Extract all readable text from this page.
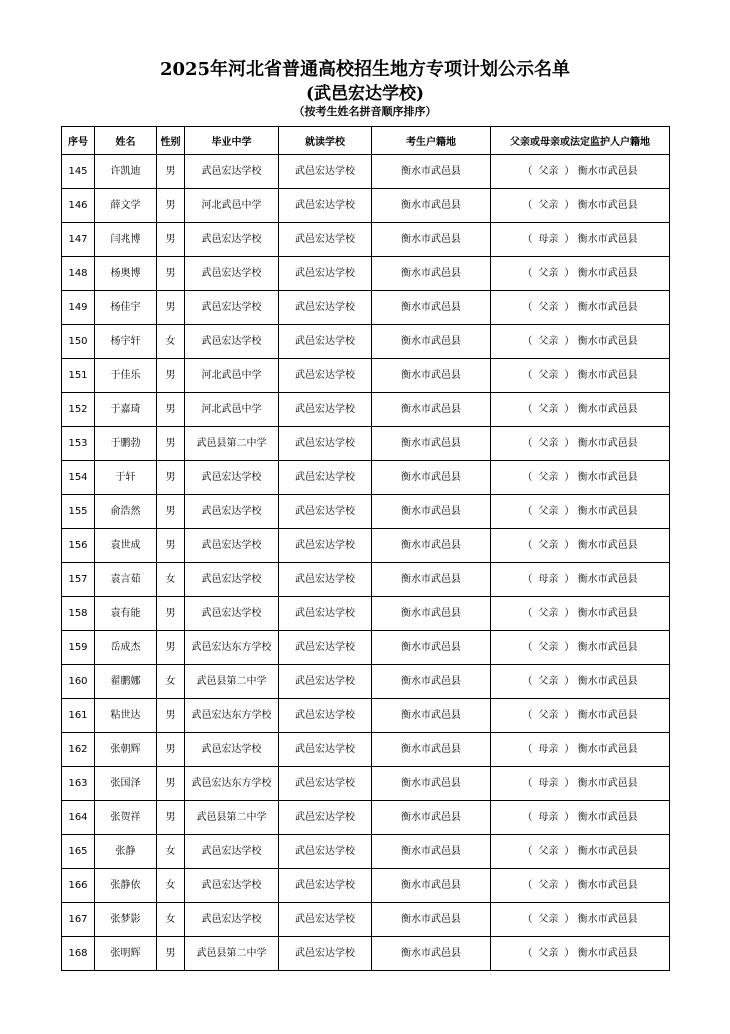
2025年河北省普通高校招生地方专项计划公示名单
(武邑宏达学校)
（按考生姓名拼音顺序排序）
序号	姓名	性别	毕业中学	就读学校	考生户籍地	父亲或母亲或法定监护人户籍地
145	许凯迪	男	武邑宏达学校	武邑宏达学校	衡水市武邑县	（ 父亲 ） 衡水市武邑县
146	薛文学	男	河北武邑中学	武邑宏达学校	衡水市武邑县	（ 父亲 ） 衡水市武邑县
147	闫兆博	男	武邑宏达学校	武邑宏达学校	衡水市武邑县	（ 母亲 ） 衡水市武邑县
148	杨奥博	男	武邑宏达学校	武邑宏达学校	衡水市武邑县	（ 父亲 ） 衡水市武邑县
149	杨佳宇	男	武邑宏达学校	武邑宏达学校	衡水市武邑县	（ 父亲 ） 衡水市武邑县
150	杨宇轩	女	武邑宏达学校	武邑宏达学校	衡水市武邑县	（ 父亲 ） 衡水市武邑县
151	于佳乐	男	河北武邑中学	武邑宏达学校	衡水市武邑县	（ 父亲 ） 衡水市武邑县
152	于嘉琦	男	河北武邑中学	武邑宏达学校	衡水市武邑县	（ 父亲 ） 衡水市武邑县
153	于鹏勃	男	武邑县第二中学	武邑宏达学校	衡水市武邑县	（ 父亲 ） 衡水市武邑县
154	于轩	男	武邑宏达学校	武邑宏达学校	衡水市武邑县	（ 父亲 ） 衡水市武邑县
155	俞浩然	男	武邑宏达学校	武邑宏达学校	衡水市武邑县	（ 父亲 ） 衡水市武邑县
156	袁世成	男	武邑宏达学校	武邑宏达学校	衡水市武邑县	（ 父亲 ） 衡水市武邑县
157	袁言茹	女	武邑宏达学校	武邑宏达学校	衡水市武邑县	（ 母亲 ） 衡水市武邑县
158	袁有能	男	武邑宏达学校	武邑宏达学校	衡水市武邑县	（ 父亲 ） 衡水市武邑县
159	岳成杰	男	武邑宏达东方学校	武邑宏达学校	衡水市武邑县	（ 父亲 ） 衡水市武邑县
160	翟鹏娜	女	武邑县第二中学	武邑宏达学校	衡水市武邑县	（ 父亲 ） 衡水市武邑县
161	粘世达	男	武邑宏达东方学校	武邑宏达学校	衡水市武邑县	（ 父亲 ） 衡水市武邑县
162	张朝辉	男	武邑宏达学校	武邑宏达学校	衡水市武邑县	（ 母亲 ） 衡水市武邑县
163	张国泽	男	武邑宏达东方学校	武邑宏达学校	衡水市武邑县	（ 母亲 ） 衡水市武邑县
164	张贺祥	男	武邑县第二中学	武邑宏达学校	衡水市武邑县	（ 母亲 ） 衡水市武邑县
165	张静	女	武邑宏达学校	武邑宏达学校	衡水市武邑县	（ 父亲 ） 衡水市武邑县
166	张静依	女	武邑宏达学校	武邑宏达学校	衡水市武邑县	（ 父亲 ） 衡水市武邑县
167	张梦影	女	武邑宏达学校	武邑宏达学校	衡水市武邑县	（ 父亲 ） 衡水市武邑县
168	张明辉	男	武邑县第二中学	武邑宏达学校	衡水市武邑县	（ 父亲 ） 衡水市武邑县
